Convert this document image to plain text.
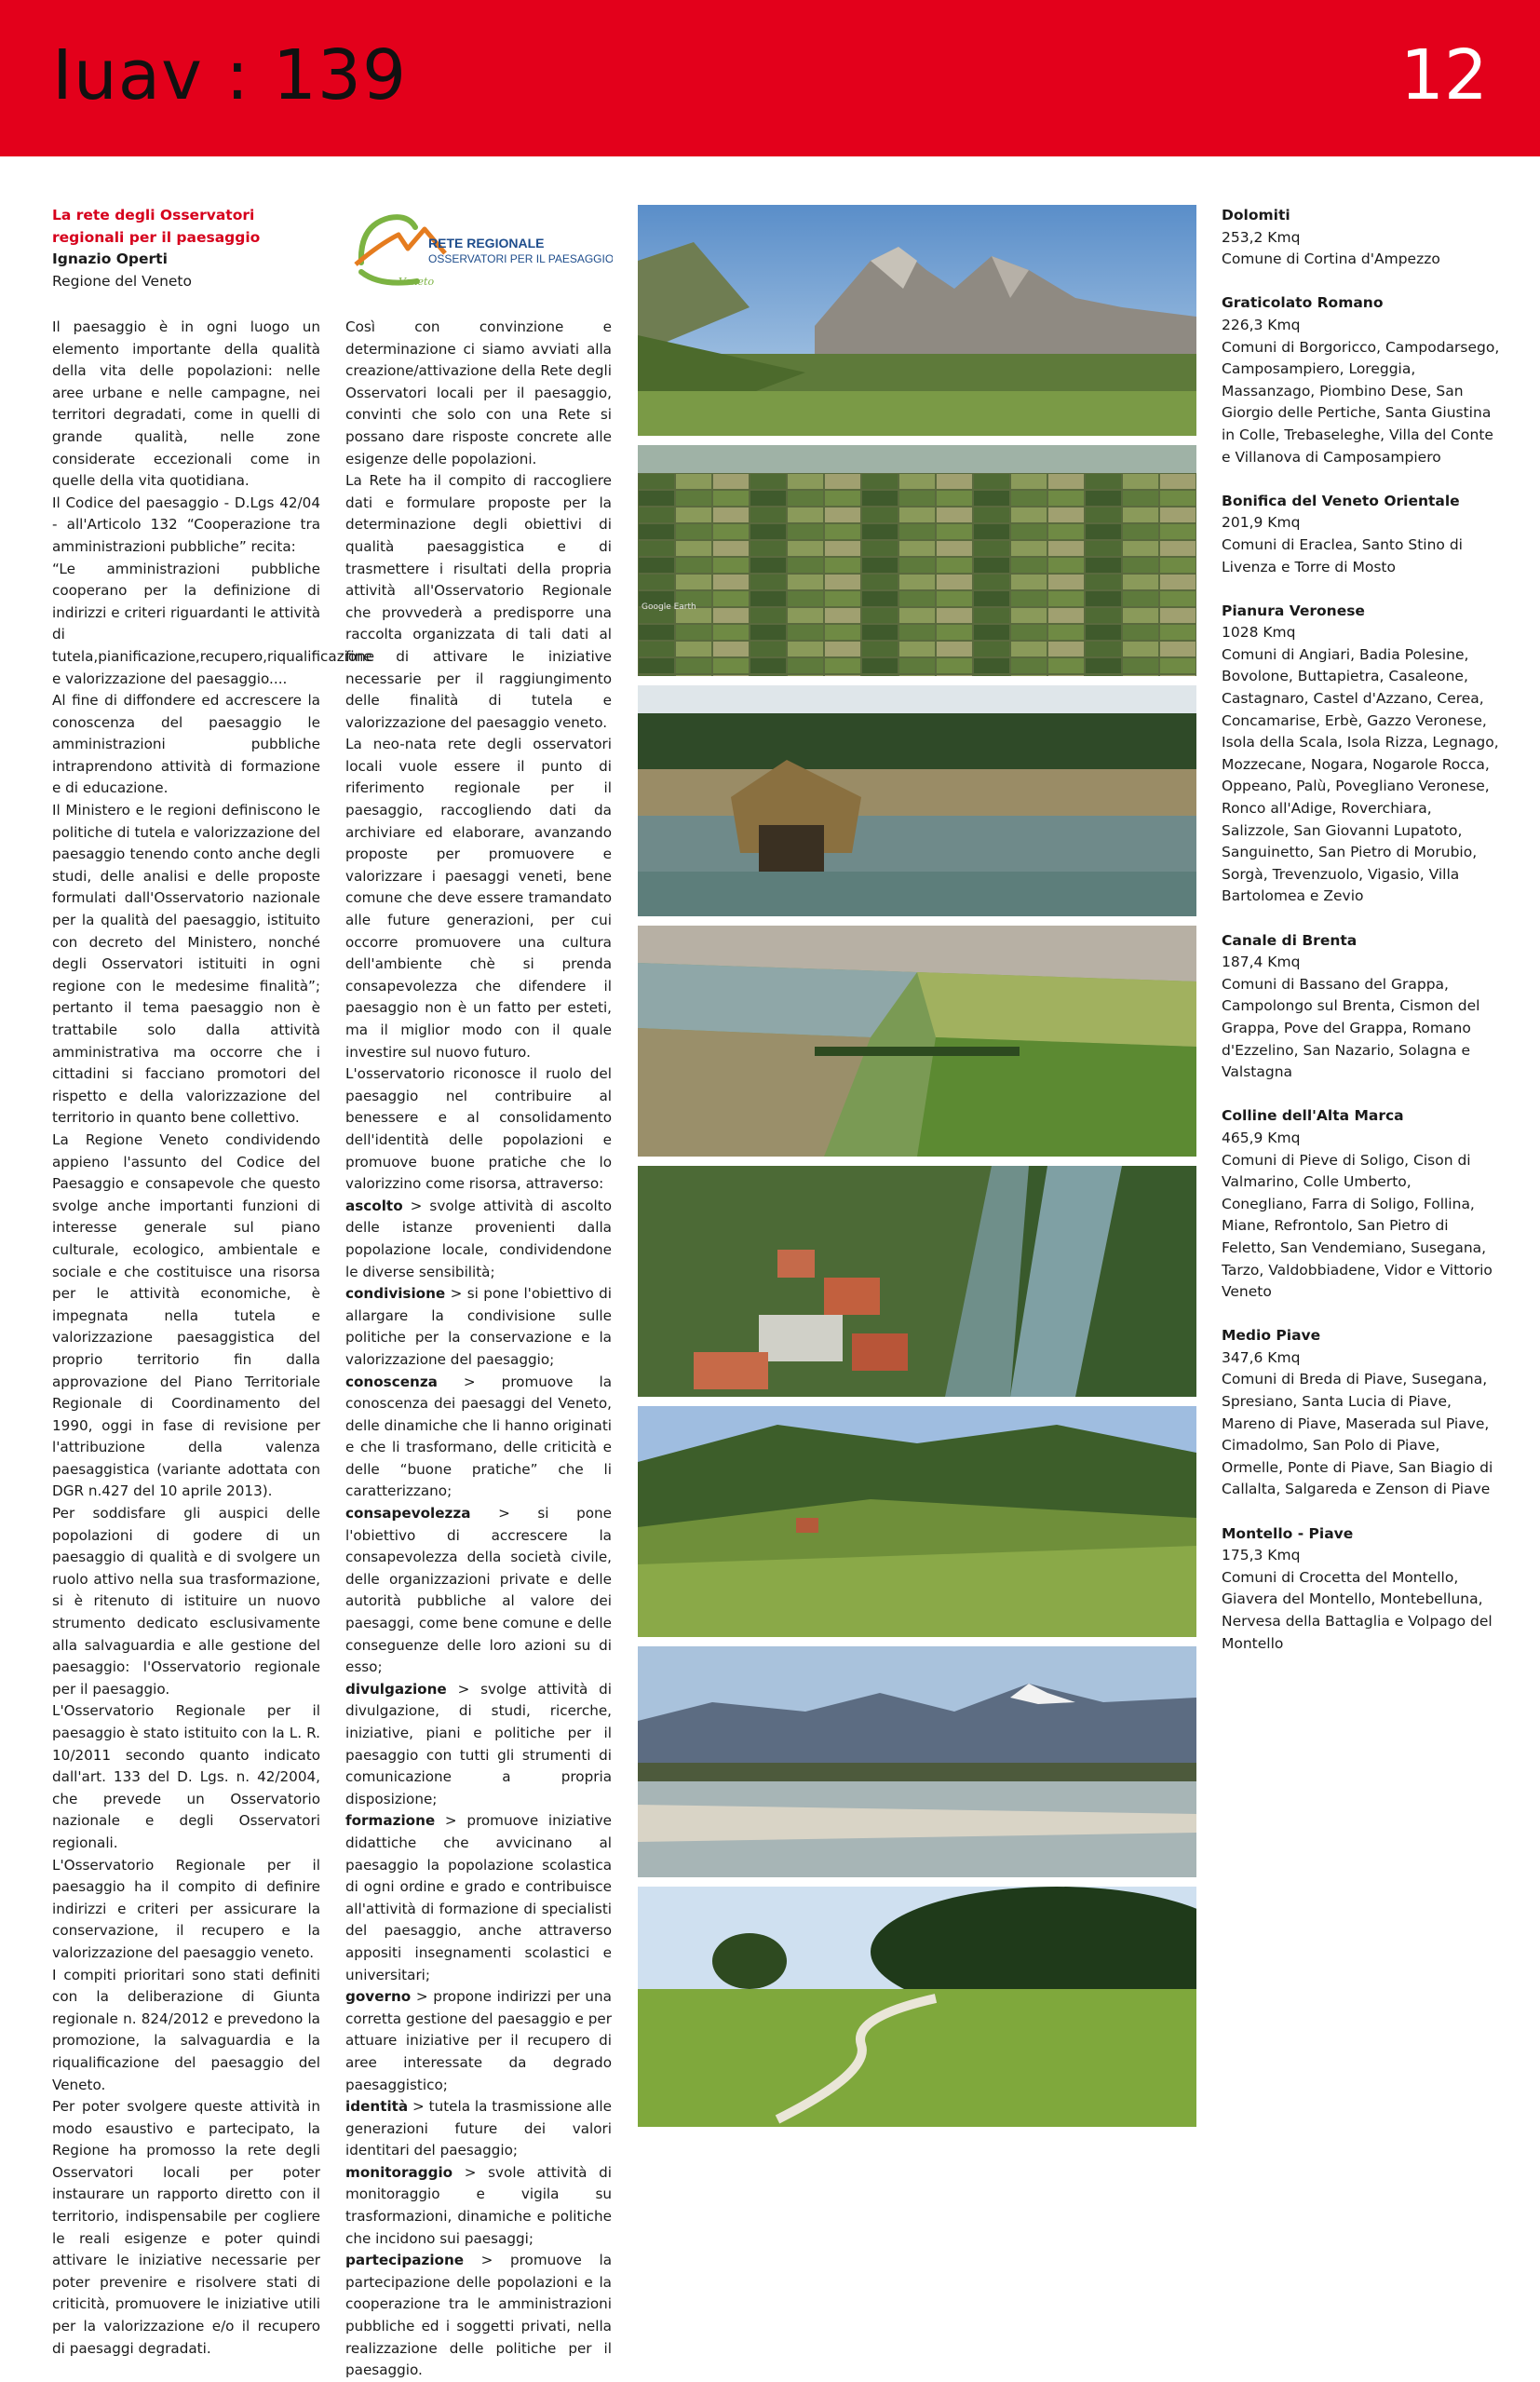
Iuav : 139	12
La rete degli Osservatori regionali per il paesaggio
Ignazio Operti
Regione del Veneto
RETE REGIONALE
OSSERVATORI PER IL PAESAGGIO
Veneto

Il paesaggio è in ogni luogo un elemento importante della qualità della vita delle popolazioni: nelle aree urbane e nelle campagne, nei territori degradati, come in quelli di grande qualità, nelle zone considerate eccezionali come in quelle della vita quotidiana.

Il Codice del paesaggio - D.Lgs 42/04 - all'Articolo 132 “Cooperazione tra amministrazioni pubbliche” recita:

“Le amministrazioni pubbliche cooperano per la definizione di indirizzi e criteri riguardanti le attività di tutela,pianificazione,recupero,riqualificazione e valorizzazione del paesaggio....

Al fine di diffondere ed accrescere la conoscenza del paesaggio le amministrazioni pubbliche intraprendono attività di formazione e di educazione.

Il Ministero e le regioni definiscono le politiche di tutela e valorizzazione del paesaggio tenendo conto anche degli studi, delle analisi e delle proposte formulati dall'Osservatorio nazionale per la qualità del paesaggio, istituito con decreto del Ministero, nonché degli Osservatori istituiti in ogni regione con le medesime finalità”; pertanto il tema paesaggio non è trattabile solo dalla attività amministrativa ma occorre che i cittadini si facciano promotori del rispetto e della valorizzazione del territorio in quanto bene collettivo.

La Regione Veneto condividendo appieno l'assunto del Codice del Paesaggio e consapevole che questo svolge anche importanti funzioni di interesse generale sul piano culturale, ecologico, ambientale e sociale e che costituisce una risorsa per le attività economiche, è impegnata nella tutela e valorizzazione paesaggistica del proprio territorio fin dalla approvazione del Piano Territoriale Regionale di Coordinamento del 1990, oggi in fase di revisione per l'attribuzione della valenza paesaggistica (variante adottata con DGR n.427 del 10 aprile 2013).

Per soddisfare gli auspici delle popolazioni di godere di un paesaggio di qualità e di svolgere un ruolo attivo nella sua trasformazione, si è ritenuto di istituire un nuovo strumento dedicato esclusivamente alla salvaguardia e alle gestione del paesaggio: l'Osservatorio regionale per il paesaggio.

L'Osservatorio Regionale per il paesaggio è stato istituito con la L. R. 10/2011 secondo quanto indicato dall'art. 133 del D. Lgs. n. 42/2004, che prevede un Osservatorio nazionale e degli Osservatori regionali.

L'Osservatorio Regionale per il paesaggio ha il compito di definire indirizzi e criteri per assicurare la conservazione, il recupero e la valorizzazione del paesaggio veneto.

I compiti prioritari sono stati definiti con la deliberazione di Giunta regionale n. 824/2012 e prevedono la promozione, la salvaguardia e la riqualificazione del paesaggio del Veneto.

Per poter svolgere queste attività in modo esaustivo e partecipato, la Regione ha promosso la rete degli Osservatori locali per poter instaurare un rapporto diretto con il territorio, indispensabile per cogliere le reali esigenze e poter quindi attivare le iniziative necessarie per poter prevenire e risolvere stati di criticità, promuovere le iniziative utili per la valorizzazione e/o il recupero di paesaggi degradati.

Così con convinzione e determinazione ci siamo avviati alla creazione/attivazione della Rete degli Osservatori locali per il paesaggio, convinti che solo con una Rete si possano dare risposte concrete alle esigenze delle popolazioni.

La Rete ha il compito di raccogliere dati e formulare proposte per la determinazione degli obiettivi di qualità paesaggistica e di trasmettere i risultati della propria attività all'Osservatorio Regionale che provvederà a predisporre una raccolta organizzata di tali dati al fine di attivare le iniziative necessarie per il raggiungimento delle finalità di tutela e valorizzazione del paesaggio veneto.

La neo-nata rete degli osservatori locali vuole essere il punto di riferimento regionale per il paesaggio, raccogliendo dati da archiviare ed elaborare, avanzando proposte per promuovere e valorizzare i paesaggi veneti, bene comune che deve essere tramandato alle future generazioni, per cui occorre promuovere una cultura dell'ambiente chè si prenda consapevolezza che difendere il paesaggio non è un fatto per esteti, ma il miglior modo con il quale investire sul nuovo futuro.

L'osservatorio riconosce il ruolo del paesaggio nel contribuire al benessere e al consolidamento dell'identità delle popolazioni e promuove buone pratiche che lo valorizzino come risorsa, attraverso:

ascolto > svolge attività di ascolto delle istanze provenienti dalla popolazione locale, condividendone le diverse sensibilità;

condivisione > si pone l'obiettivo di allargare la condivisione sulle politiche per la conservazione e la valorizzazione del paesaggio;

conoscenza > promuove la conoscenza dei paesaggi del Veneto, delle dinamiche che li hanno originati e che li trasformano, delle criticità e delle “buone pratiche” che li caratterizzano;

consapevolezza > si pone l'obiettivo di accrescere la consapevolezza della società civile, delle organizzazioni private e delle autorità pubbliche al valore dei paesaggi, come bene comune e delle conseguenze delle loro azioni su di esso;

divulgazione > svolge attività di divulgazione, di studi, ricerche, iniziative, piani e politiche per il paesaggio con tutti gli strumenti di comunicazione a propria disposizione;

formazione > promuove iniziative didattiche che avvicinano al paesaggio la popolazione scolastica di ogni ordine e grado e contribuisce all'attività di formazione di specialisti del paesaggio, anche attraverso appositi insegnamenti scolastici e universitari;

governo > propone indirizzi per una corretta gestione del paesaggio e per attuare iniziative per il recupero di aree interessate da degrado paesaggistico;

identità > tutela la trasmissione alle generazioni future dei valori identitari del paesaggio;

monitoraggio > svole attività di monitoraggio e vigila su trasformazioni, dinamiche e politiche che incidono sui paesaggi;

partecipazione > promuove la partecipazione delle popolazioni e la cooperazione tra le amministrazioni pubbliche ed i soggetti privati, nella realizzazione delle politiche per il paesaggio.

Google Earth
Dolomiti
253,2 Kmq
Comune di Cortina d'Ampezzo
Graticolato Romano
226,3 Kmq
Comuni di Borgoricco, Campodarsego, Camposampiero, Loreggia, Massanzago, Piombino Dese, San Giorgio delle Pertiche, Santa Giustina in Colle, Trebaseleghe, Villa del Conte e Villanova di Camposampiero
Bonifica del Veneto Orientale
201,9 Kmq
Comuni di Eraclea, Santo Stino di Livenza e Torre di Mosto
Pianura Veronese
1028 Kmq
Comuni di Angiari, Badia Polesine, Bovolone, Buttapietra, Casaleone, Castagnaro, Castel d'Azzano, Cerea, Concamarise, Erbè, Gazzo Veronese, Isola della Scala, Isola Rizza, Legnago, Mozzecane, Nogara, Nogarole Rocca, Oppeano, Palù, Povegliano Veronese, Ronco all'Adige, Roverchiara, Salizzole, San Giovanni Lupatoto, Sanguinetto, San Pietro di Morubio, Sorgà, Trevenzuolo, Vigasio, Villa Bartolomea e Zevio
Canale di Brenta
187,4 Kmq
Comuni di Bassano del Grappa, Campolongo sul Brenta, Cismon del Grappa, Pove del Grappa, Romano d'Ezzelino, San Nazario, Solagna e Valstagna
Colline dell'Alta Marca
465,9 Kmq
Comuni di Pieve di Soligo, Cison di Valmarino, Colle Umberto, Conegliano, Farra di Soligo, Follina, Miane, Refrontolo, San Pietro di Feletto, San Vendemiano, Susegana, Tarzo, Valdobbiadene, Vidor e Vittorio Veneto
Medio Piave
347,6 Kmq
Comuni di Breda di Piave, Susegana, Spresiano, Santa Lucia di Piave, Mareno di Piave, Maserada sul Piave, Cimadolmo, San Polo di Piave, Ormelle, Ponte di Piave, San Biagio di Callalta, Salgareda e Zenson di Piave
Montello - Piave
175,3 Kmq
Comuni di Crocetta del Montello, Giavera del Montello, Montebelluna, Nervesa della Battaglia e Volpago del Montello
